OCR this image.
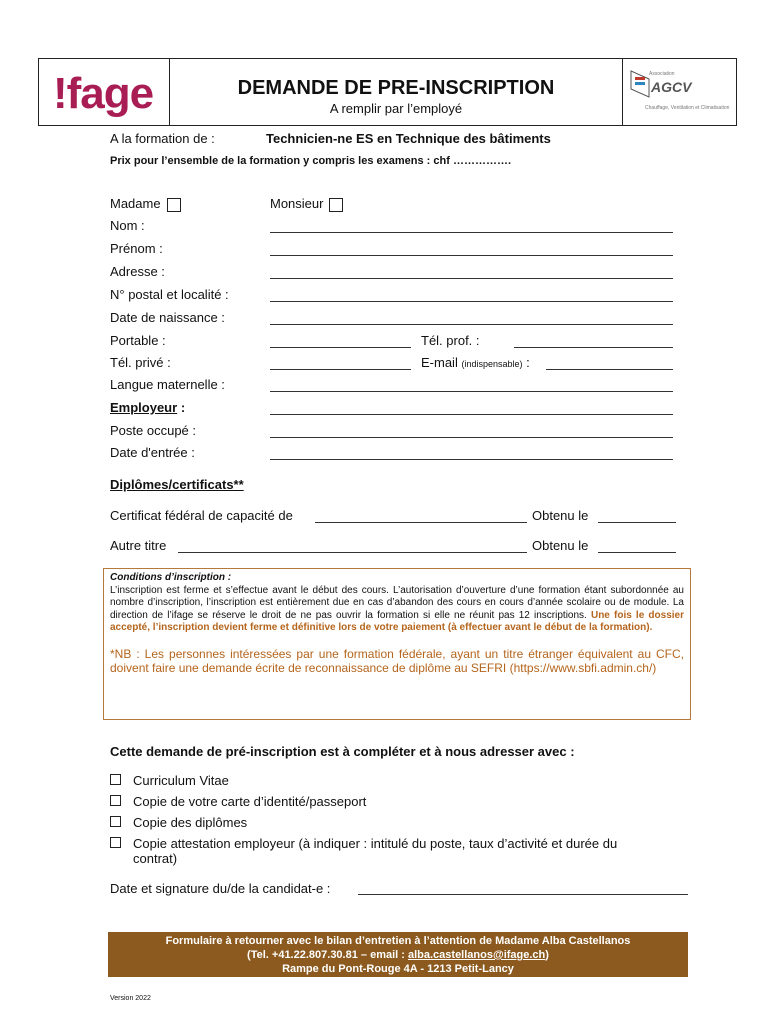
!fage	DEMANDE DE PRE-INSCRIPTION
A remplir par l’employé
Association
AGCV
Chauffage, Ventilation et Climatisation
A la formation de :	Technicien-ne ES en Technique des bâtiments
Prix pour l’ensemble de la formation y compris les examens : chf …………….
Madame	Monsieur
Nom :
Prénom :
Adresse :
N° postal et localité :
Date de naissance :
Portable :	Tél. prof. :
Tél. privé :	E-mail (indispensable) :
Langue maternelle :
Employeur :
Poste occupé :
Date d'entrée :
Diplômes/certificats**
Certificat fédéral de capacité de	Obtenu le
Autre titre	Obtenu le
Conditions d’inscription :
L’inscription est ferme et s’effectue avant le début des cours. L’autorisation d’ouverture d’une formation étant subordonnée au nombre d’inscription, l’inscription est entièrement due en cas d’abandon des cours en cours d’année scolaire ou de module. La direction de l’ifage se réserve le droit de ne pas ouvrir la formation si elle ne réunit pas 12 inscriptions. Une fois le dossier accepté, l’inscription devient ferme et définitive lors de votre paiement (à effectuer avant le début de la formation).
*NB : Les personnes intéressées par une formation fédérale, ayant un titre étranger équivalent au CFC, doivent faire une demande écrite de reconnaissance de diplôme au SEFRI (https://www.sbfi.admin.ch/)
Cette demande de pré-inscription est à compléter et à nous adresser avec :
Curriculum Vitae
Copie de votre carte d’identité/passeport
Copie des diplômes
Copie attestation employeur (à indiquer : intitulé du poste, taux d’activité et durée du
contrat)
Date et signature du/de la candidat-e :
Formulaire à retourner avec le bilan d’entretien à l’attention de Madame Alba Castellanos
(Tel. +41.22.807.30.81 – email : alba.castellanos@ifage.ch)
Rampe du Pont-Rouge 4A - 1213 Petit-Lancy
Version 2022
